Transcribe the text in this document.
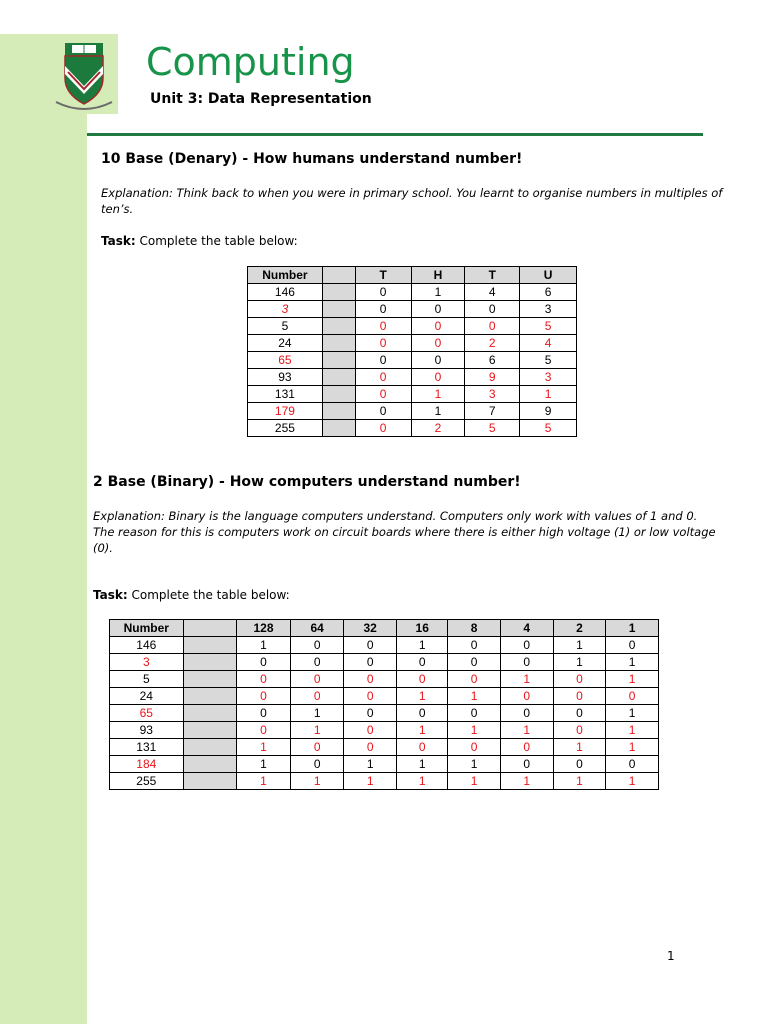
Computing
Unit 3: Data Representation
10 Base (Denary) - How humans understand number!
Explanation: Think back to when you were in primary school. You learnt to organise numbers in multiples of
ten’s.
Task: Complete the table below:
Number		T	H	T	U
146		0	1	4	6
3		0	0	0	3
5		0	0	0	5
24		0	0	2	4
65		0	0	6	5
93		0	0	9	3
131		0	1	3	1
179		0	1	7	9
255		0	2	5	5
2 Base (Binary) - How computers understand number!
Explanation: Binary is the language computers understand. Computers only work with values of 1 and 0.
The reason for this is computers work on circuit boards where there is either high voltage (1) or low voltage
(0).
Task: Complete the table below:
Number		128	64	32	16	8	4	2	1
146		1	0	0	1	0	0	1	0
3		0	0	0	0	0	0	1	1
5		0	0	0	0	0	1	0	1
24		0	0	0	1	1	0	0	0
65		0	1	0	0	0	0	0	1
93		0	1	0	1	1	1	0	1
131		1	0	0	0	0	0	1	1
184		1	0	1	1	1	0	0	0
255		1	1	1	1	1	1	1	1
1
